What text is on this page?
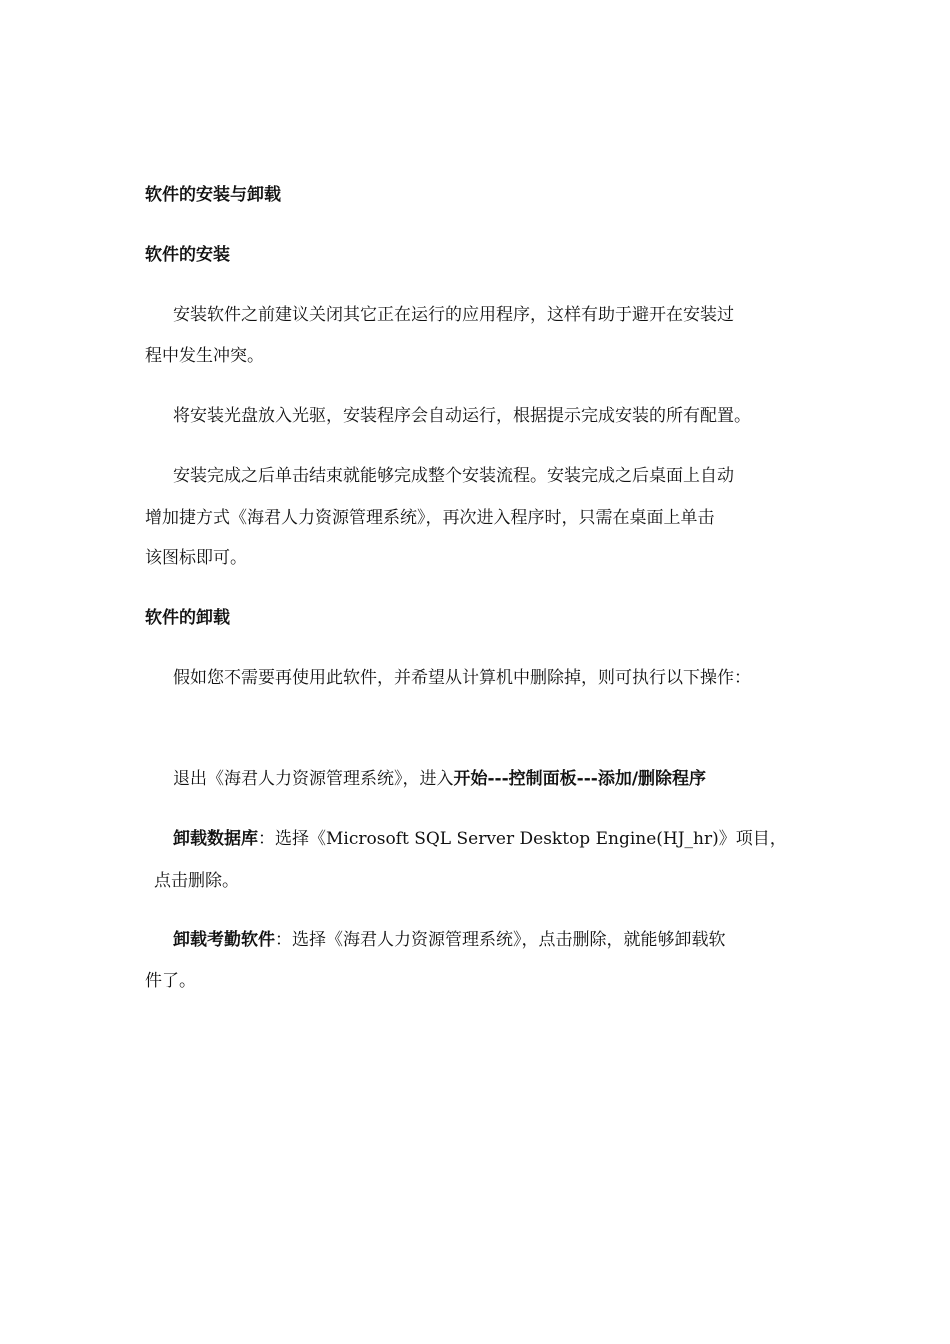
软件的安装与卸载
软件的安装
安装软件之前建议关闭其它正在运行的应用程序，这样有助于避开在安装过
程中发生冲突。
将安装光盘放入光驱，安装程序会自动运行，根据提示完成安装的所有配置。
安装完成之后单击结束就能够完成整个安装流程。安装完成之后桌面上自动
增加捷方式《海君人力资源管理系统》，再次进入程序时，只需在桌面上单击
该图标即可。
软件的卸载
假如您不需要再使用此软件，并希望从计算机中删除掉，则可执行以下操作：
退出《海君人力资源管理系统》，进入开始---控制面板---添加/删除程序
卸载数据库：选择《Microsoft SQL Server Desktop Engine(HJ_hr)》项目，
点击删除。
卸载考勤软件：选择《海君人力资源管理系统》，点击删除，就能够卸载软
件了。
